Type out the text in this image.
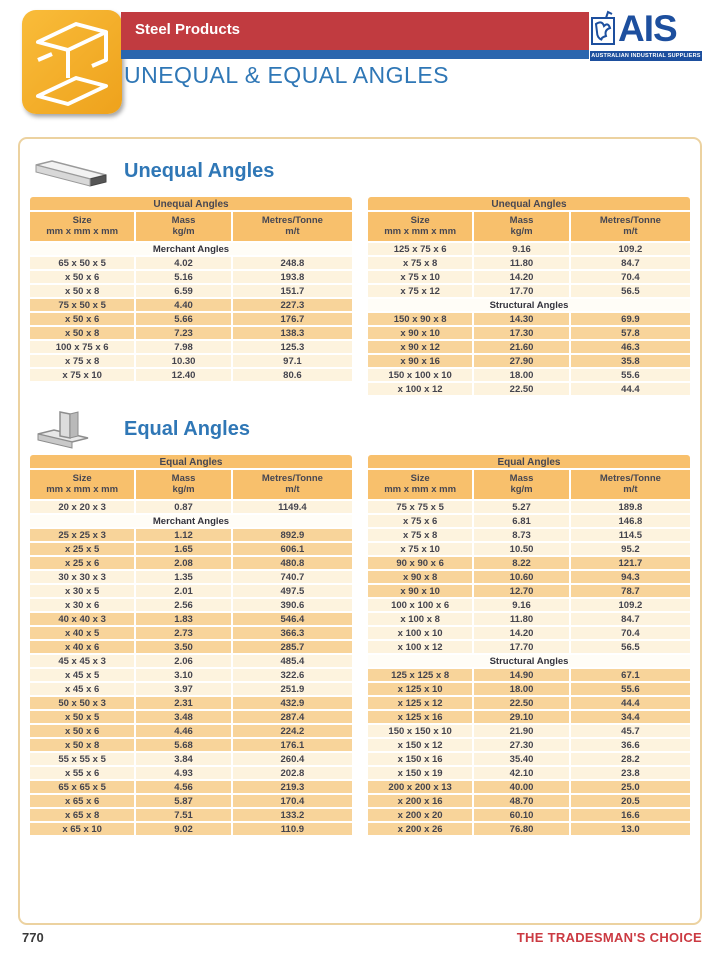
Steel Products
UNEQUAL & EQUAL ANGLES
AIS
AUSTRALIAN INDUSTRIAL SUPPLIERS
Unequal Angles
Unequal Angles
Size
mm x mm x mm
Mass
kg/m
Metres/Tonne
m/t
Merchant Angles
65 x 50 x 5	4.02	248.8
x 50 x 6	5.16	193.8
x 50 x 8	6.59	151.7
75 x 50 x 5	4.40	227.3
x 50 x 6	5.66	176.7
x 50 x 8	7.23	138.3
100 x 75 x 6	7.98	125.3
x 75 x 8	10.30	97.1
x 75 x 10	12.40	80.6
Unequal Angles
Size
mm x mm x mm
Mass
kg/m
Metres/Tonne
m/t
125 x 75 x 6	9.16	109.2
x 75 x 8	11.80	84.7
x 75 x 10	14.20	70.4
x 75 x 12	17.70	56.5
Structural Angles
150 x 90 x 8	14.30	69.9
x 90 x 10	17.30	57.8
x 90 x 12	21.60	46.3
x 90 x 16	27.90	35.8
150 x 100 x 10	18.00	55.6
x 100 x 12	22.50	44.4
Equal Angles
Equal Angles
Size
mm x mm x mm
Mass
kg/m
Metres/Tonne
m/t
20 x 20 x 3	0.87	1149.4
Merchant Angles
25 x 25 x 3	1.12	892.9
x 25 x 5	1.65	606.1
x 25 x 6	2.08	480.8
30 x 30 x 3	1.35	740.7
x 30 x 5	2.01	497.5
x 30 x 6	2.56	390.6
40 x 40 x 3	1.83	546.4
x 40 x 5	2.73	366.3
x 40 x 6	3.50	285.7
45 x 45 x 3	2.06	485.4
x 45 x 5	3.10	322.6
x 45 x 6	3.97	251.9
50 x 50 x 3	2.31	432.9
x 50 x 5	3.48	287.4
x 50 x 6	4.46	224.2
x 50 x 8	5.68	176.1
55 x 55 x 5	3.84	260.4
x 55 x 6	4.93	202.8
65 x 65 x 5	4.56	219.3
x 65 x 6	5.87	170.4
x 65 x 8	7.51	133.2
x 65 x 10	9.02	110.9
Equal Angles
Size
mm x mm x mm
Mass
kg/m
Metres/Tonne
m/t
75 x 75 x 5	5.27	189.8
x 75 x 6	6.81	146.8
x 75 x 8	8.73	114.5
x 75 x 10	10.50	95.2
90 x 90 x 6	8.22	121.7
x 90 x 8	10.60	94.3
x 90 x 10	12.70	78.7
100 x 100 x 6	9.16	109.2
x 100 x 8	11.80	84.7
x 100 x 10	14.20	70.4
x 100 x 12	17.70	56.5
Structural Angles
125 x 125 x 8	14.90	67.1
x 125 x 10	18.00	55.6
x 125 x 12	22.50	44.4
x 125 x 16	29.10	34.4
150 x 150 x 10	21.90	45.7
x 150 x 12	27.30	36.6
x 150 x 16	35.40	28.2
x 150 x 19	42.10	23.8
200 x 200 x 13	40.00	25.0
x 200 x 16	48.70	20.5
x 200 x 20	60.10	16.6
x 200 x 26	76.80	13.0
770	THE TRADESMAN'S CHOICE
